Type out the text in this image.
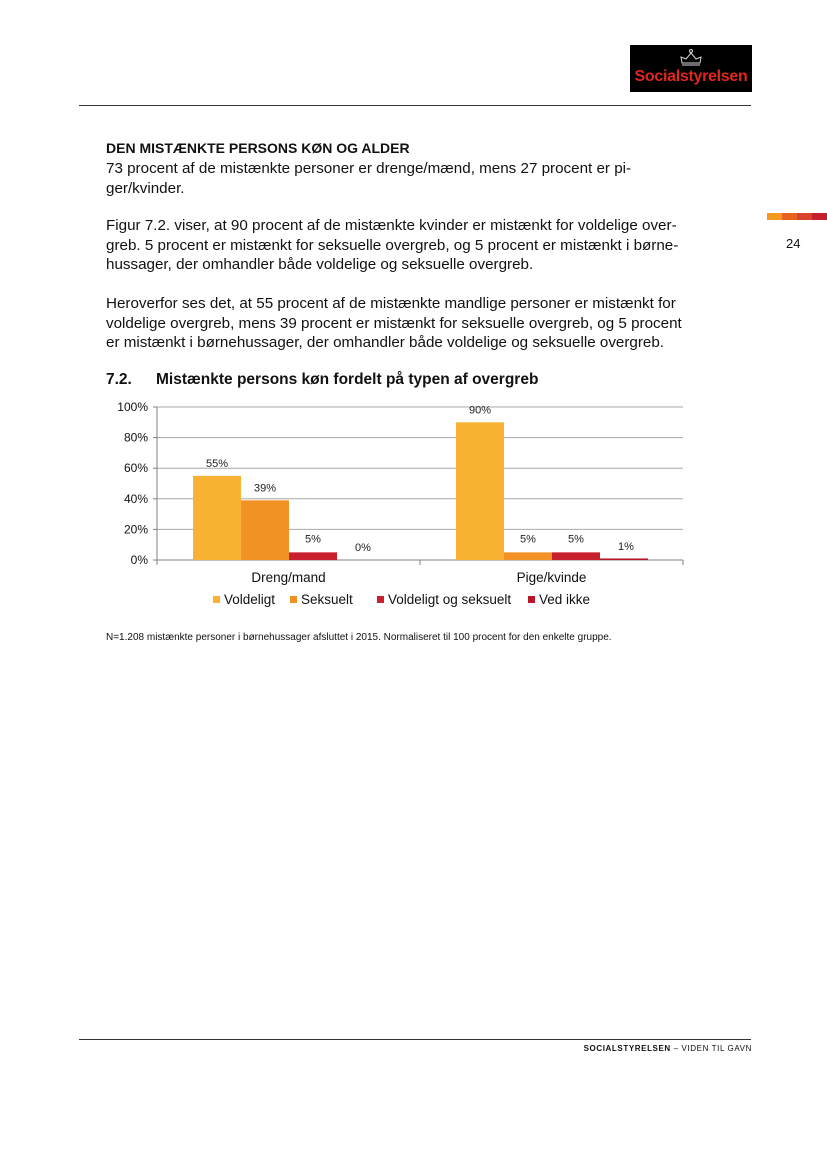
Socialstyrelsen
24
DEN MISTÆNKTE PERSONS KØN OG ALDER
73 procent af de mistænkte personer er drenge/mænd, mens 27 procent er pi-
ger/kvinder.
Figur 7.2. viser, at 90 procent af de mistænkte kvinder er mistænkt for voldelige over-
greb. 5 procent er mistænkt for seksuelle overgreb, og 5 procent er mistænkt i børne-
hussager, der omhandler både voldelige og seksuelle overgreb.
Heroverfor ses det, at 55 procent af de mistænkte mandlige personer er mistænkt for
voldelige overgreb, mens 39 procent er mistænkt for seksuelle overgreb, og 5 procent
er mistænkt i børnehussager, der omhandler både voldelige og seksuelle overgreb.
7.2. Mistænkte persons køn fordelt på typen af overgreb
0%
20%
40%
60%
80%
100%
55%
39%
5%
0%
Dreng/mand
90%
5%	5%
1%
Pige/kvinde
Voldeligt Seksuelt	Voldeligt og seksuelt Ved ikke
N=1.208 mistænkte personer i børnehussager afsluttet i 2015. Normaliseret til 100 procent for den enkelte gruppe.
SOCIALSTYRELSEN – VIDEN TIL GAVN
